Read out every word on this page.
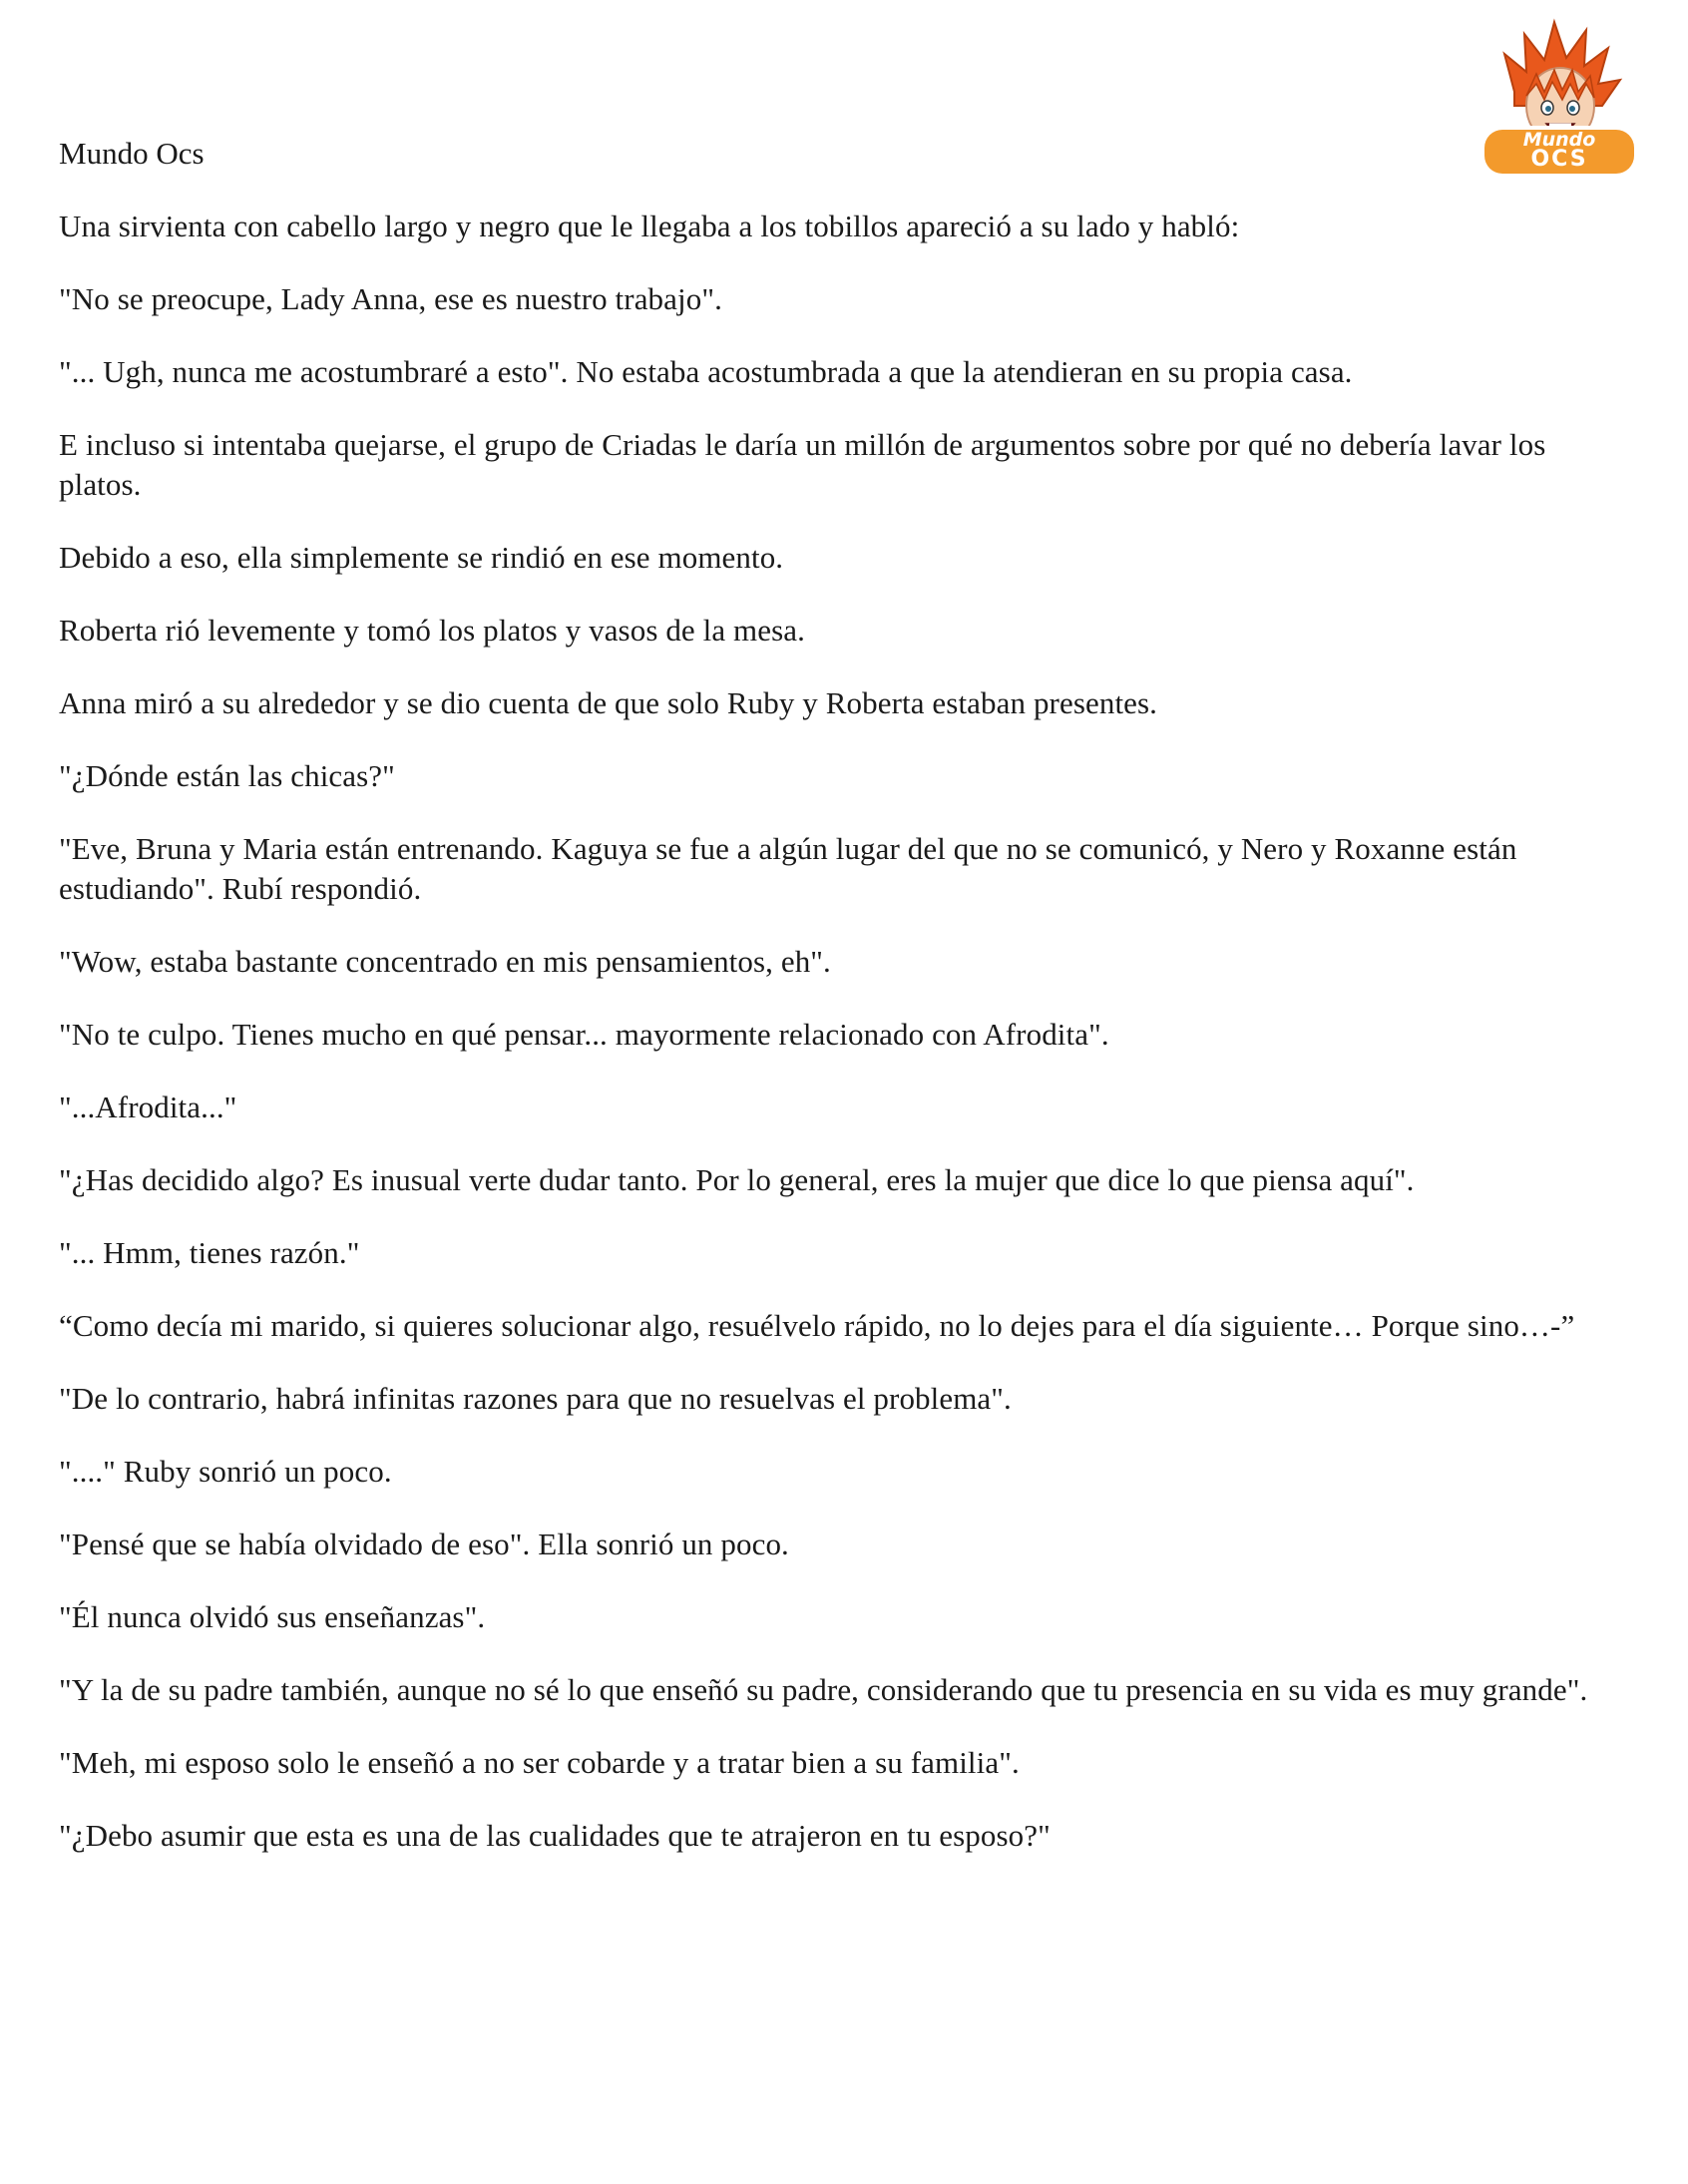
Mundo
OCS
Mundo Ocs
Una sirvienta con cabello largo y negro que le llegaba a los tobillos apareció a su lado y habló:
"No se preocupe, Lady Anna, ese es nuestro trabajo".
"... Ugh, nunca me acostumbraré a esto". No estaba acostumbrada a que la atendieran en su propia casa.
E incluso si intentaba quejarse, el grupo de Criadas le daría un millón de argumentos sobre por qué no debería lavar los platos.
Debido a eso, ella simplemente se rindió en ese momento.
Roberta rió levemente y tomó los platos y vasos de la mesa.
Anna miró a su alrededor y se dio cuenta de que solo Ruby y Roberta estaban presentes.
"¿Dónde están las chicas?"
"Eve, Bruna y Maria están entrenando. Kaguya se fue a algún lugar del que no se comunicó, y Nero y Roxanne están estudiando". Rubí respondió.
"Wow, estaba bastante concentrado en mis pensamientos, eh".
"No te culpo. Tienes mucho en qué pensar... mayormente relacionado con Afrodita".
"...Afrodita..."
"¿Has decidido algo? Es inusual verte dudar tanto. Por lo general, eres la mujer que dice lo que piensa aquí".
"... Hmm, tienes razón."
“Como decía mi marido, si quieres solucionar algo, resuélvelo rápido, no lo dejes para el día siguiente… Porque sino…-”
"De lo contrario, habrá infinitas razones para que no resuelvas el problema".
"...." Ruby sonrió un poco.
"Pensé que se había olvidado de eso". Ella sonrió un poco.
"Él nunca olvidó sus enseñanzas".
"Y la de su padre también, aunque no sé lo que enseñó su padre, considerando que tu presencia en su vida es muy grande".
"Meh, mi esposo solo le enseñó a no ser cobarde y a tratar bien a su familia".
"¿Debo asumir que esta es una de las cualidades que te atrajeron en tu esposo?"
